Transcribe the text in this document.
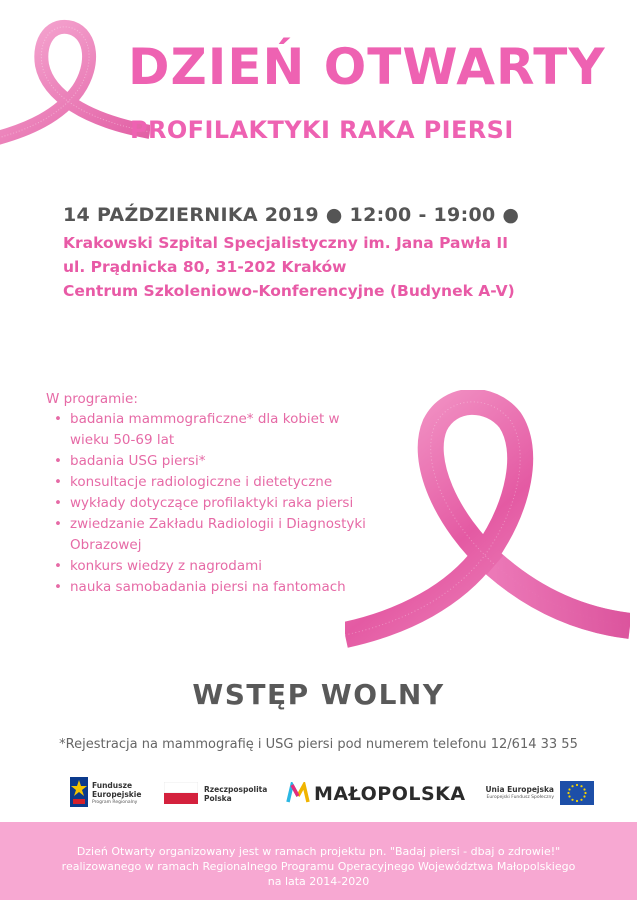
DZIEŃ OTWARTY
PROFILAKTYKI RAKA PIERSI
14 PAŹDZIERNIKA 2019 ● 12:00 - 19:00 ●
Krakowski Szpital Specjalistyczny im. Jana Pawła II
ul. Prądnicka 80, 31-202 Kraków
Centrum Szkoleniowo-Konferencyjne (Budynek A-V)
W programie:
• badania mammograficzne* dla kobiet w wieku 50-69 lat
• badania USG piersi*
• konsultacje radiologiczne i dietetyczne
• wykłady dotyczące profilaktyki raka piersi
• zwiedzanie Zakładu Radiologii i Diagnostyki Obrazowej
• konkurs wiedzy z nagrodami
• nauka samobadania piersi na fantomach
WSTĘP WOLNY
*Rejestracja na mammografię i USG piersi pod numerem telefonu 12/614 33 55
Fundusze
Europejskie
Program Regionalny
Rzeczpospolita
Polska	MAŁOPOLSKA	Unia Europejska
Europejski Fundusz Społeczny
Dzień Otwarty organizowany jest w ramach projektu pn. "Badaj piersi - dbaj o zdrowie!"
realizowanego w ramach Regionalnego Programu Operacyjnego Województwa Małopolskiego
na lata 2014-2020
